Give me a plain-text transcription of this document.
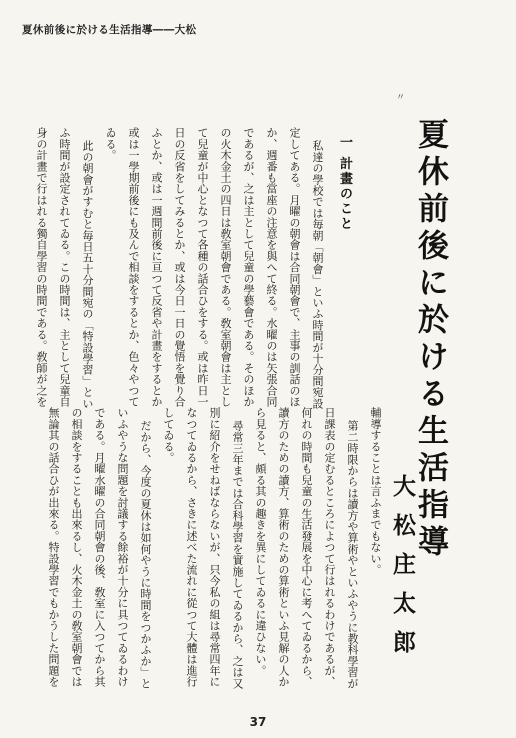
夏休前後に於ける生活指導――大松
〃
夏休前後に於ける生活指導
大松庄太郎
一 計畫のこと
私達の學校では毎朝「朝會」といふ時間が十分間宛設
定してある。月曜の朝會は合同朝會で、主事の訓話のほ
か、週番も當座の注意を與へて終る。水曜のは矢張合同
であるが、之は主として兒童の學藝會である。そのほか
の火木金土の四日は敎室朝會である。敎室朝會は主とし
て兒童が中心となつて各種の話合ひをする。或は昨日一
日の反省をしてみるとか、或は今日一日の覺悟を覺り合
ふとか、或は一週間前後に亘つて反省や計畫をするとか
或は一學期前後にも及んで相談をするとか、色々やつて
ゐる。
此の朝會がすむと毎日五十分間宛の「特設學習」とい
ふ時間が設定されてゐる。この時間は、主として兒童自
身の計畫で行はれる獨自學習の時間である。敎師が之を
輔導することは言ふまでもない。
第二時限からは讀方や算術やといふやうに教科學習が
日課表の定むるところによつて行はれるわけであるが、
何れの時間も兒童の生活發展を中心に考へてゐるから、
讀方のための讀方、算術のための算術といふ見解の人か
ら見ると、頗る其の趣きを異にしてゐるに違ひない。
尋常三年までは合科學習を實施してゐるから、之は又
別に紹介をせねばならないが、只今私の組は尋常四年に
なつてゐるから、さきに述べた流れに從つて大體は進行
してゐる。
だから、今度の夏休は如何やうに時間をつかふか」と
いふやうな問題を討議する餘裕が十分に具つてゐるわけ
である。月曜水曜の合同朝會の後、敎室に入つてから其
の相談をすることも出來るし、火木金土の敎室朝會では
無論其の話合ひが出來る。特設學習でもかうした問題を
37
